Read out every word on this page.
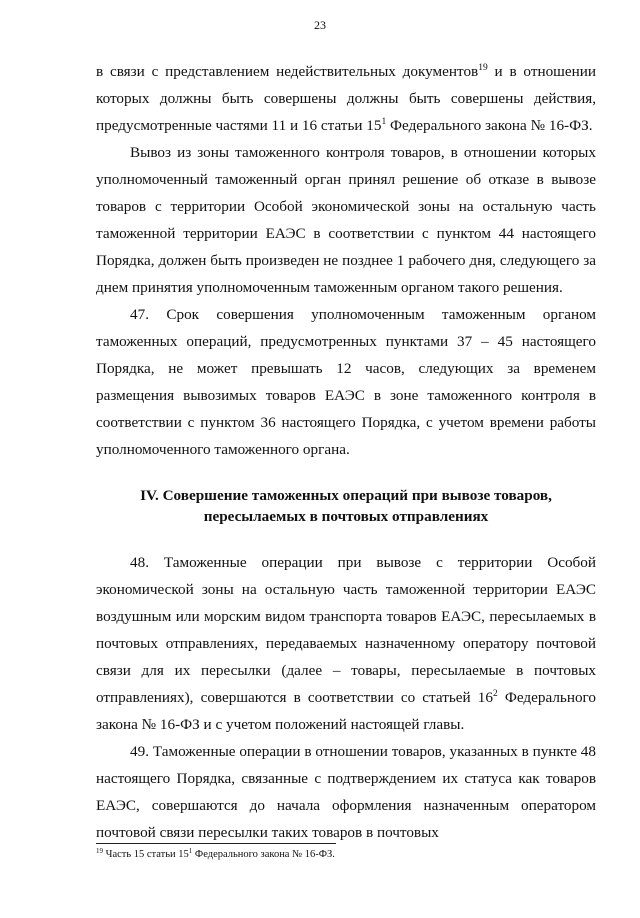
23

в связи с представлением недействительных документов$^{19}$ и в отношении которых должны быть совершены должны быть совершены действия, предусмотренные частями 11 и 16 статьи $15^1$ Федерального закона № 16-ФЗ.

Вывоз из зоны таможенного контроля товаров, в отношении которых уполномоченный таможенный орган принял решение об отказе в вывозе товаров с территории Особой экономической зоны на остальную часть таможенной территории ЕАЭС в соответствии с пунктом 44 настоящего Порядка, должен быть произведен не позднее 1 рабочего дня, следующего за днем принятия уполномоченным таможенным органом такого решения.

47. Срок совершения уполномоченным таможенным органом таможенных операций, предусмотренных пунктами 37 – 45 настоящего Порядка, не может превышать 12 часов, следующих за временем размещения вывозимых товаров ЕАЭС в зоне таможенного контроля в соответствии с пунктом 36 настоящего Порядка, с учетом времени работы уполномоченного таможенного органа.

IV. Совершение таможенных операций при вывозе товаров,
пересылаемых в почтовых отправлениях

48. Таможенные операции при вывозе с территории Особой экономической зоны на остальную часть таможенной территории ЕАЭС воздушным или морским видом транспорта товаров ЕАЭС, пересылаемых в почтовых отправлениях, передаваемых назначенному оператору почтовой связи для их пересылки (далее – товары, пересылаемые в почтовых отправлениях), совершаются в соответствии со статьей $16^2$ Федерального закона № 16-ФЗ и с учетом положений настоящей главы.

49. Таможенные операции в отношении товаров, указанных в пункте 48 настоящего Порядка, связанные с подтверждением их статуса как товаров ЕАЭС, совершаются до начала оформления назначенным оператором почтовой связи пересылки таких товаров в почтовых

$^{19}$ Часть 15 статьи $15^1$ Федерального закона № 16-ФЗ.
